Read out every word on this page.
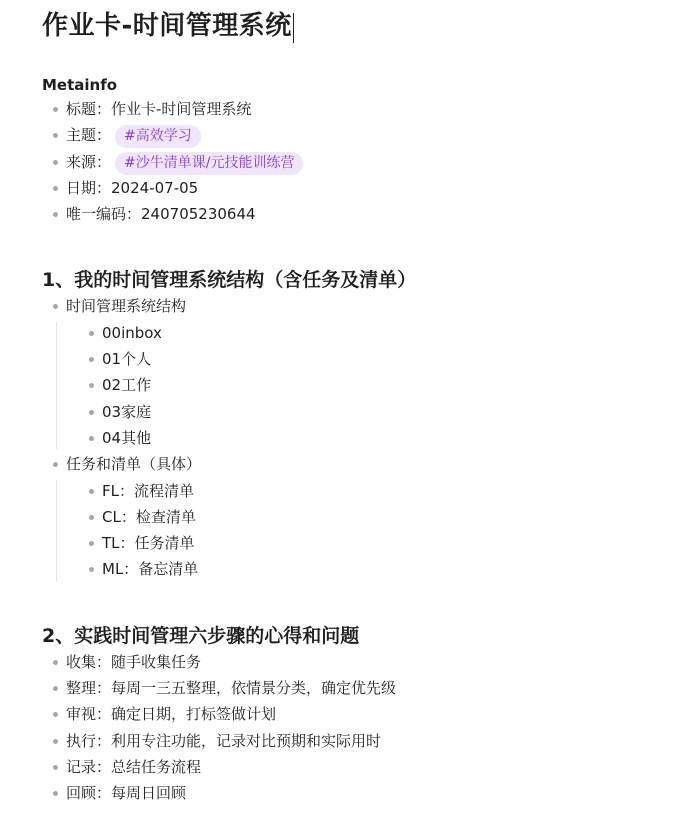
作业卡-时间管理系统
Metainfo
标题：作业卡-时间管理系统
主题： #高效学习
来源： #沙牛清单课/元技能训练营
日期：2024-07-05
唯一编码：240705230644
1、我的时间管理系统结构（含任务及清单）
时间管理系统结构
00inbox
01个人
02工作
03家庭
04其他
任务和清单（具体）
FL：流程清单
CL：检查清单
TL：任务清单
ML：备忘清单
2、实践时间管理六步骤的心得和问题
收集：随手收集任务
整理：每周一三五整理，依情景分类，确定优先级
审视：确定日期，打标签做计划
执行：利用专注功能，记录对比预期和实际用时
记录：总结任务流程
回顾：每周日回顾
